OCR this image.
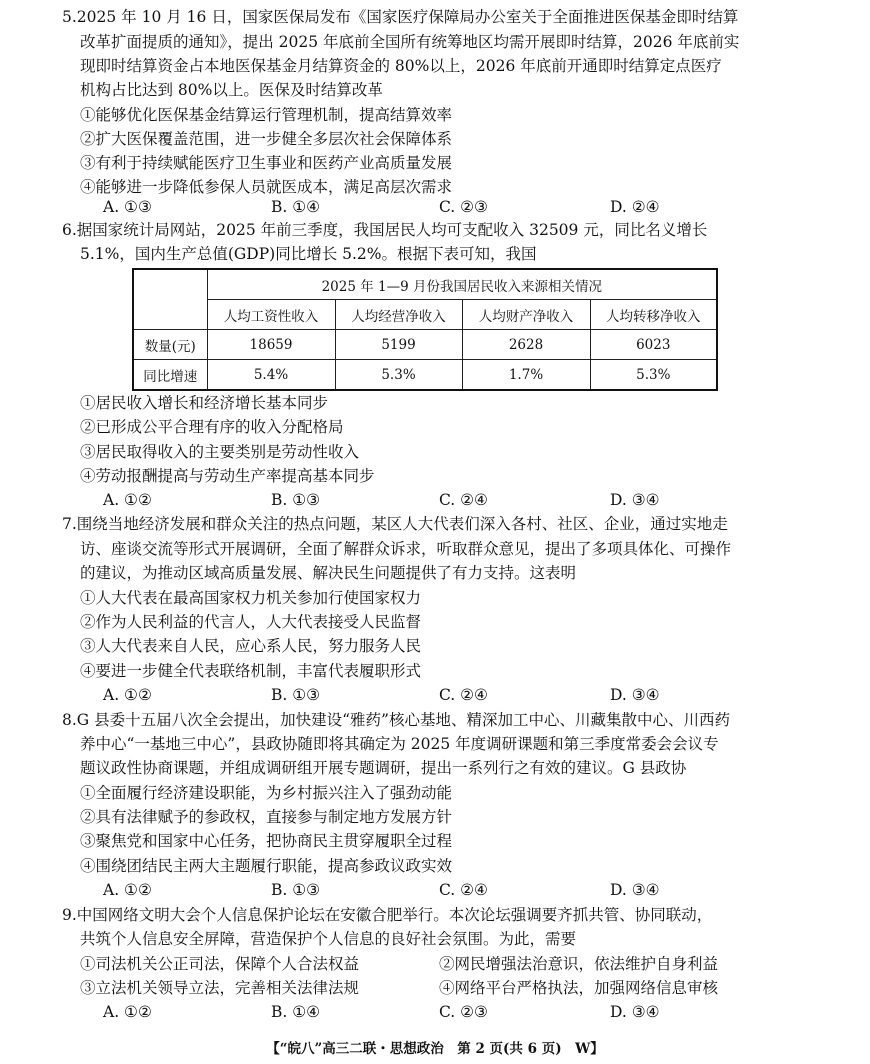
5.2025 年 10 月 16 日，国家医保局发布《国家医疗保障局办公室关于全面推进医保基金即时结算
改革扩面提质的通知》，提出 2025 年底前全国所有统筹地区均需开展即时结算，2026 年底前实
现即时结算资金占本地医保基金月结算资金的 80%以上，2026 年底前开通即时结算定点医疗
机构占比达到 80%以上。医保及时结算改革
①能够优化医保基金结算运行管理机制，提高结算效率
②扩大医保覆盖范围，进一步健全多层次社会保障体系
③有利于持续赋能医疗卫生事业和医药产业高质量发展
④能够进一步降低参保人员就医成本，满足高层次需求
A. ①③	B. ①④	C. ②③	D. ②④
6.据国家统计局网站，2025 年前三季度，我国居民人均可支配收入 32509 元，同比名义增长
5.1%，国内生产总值(GDP)同比增长 5.2%。根据下表可知，我国
	2025 年 1—9 月份我国居民收入来源相关情况			
	人均工资性收入	人均经营净收入	人均财产净收入	人均转移净收入
数量(元)	18659	5199	2628	6023
同比增速	5.4%	5.3%	1.7%	5.3%
①居民收入增长和经济增长基本同步
②已形成公平合理有序的收入分配格局
③居民取得收入的主要类别是劳动性收入
④劳动报酬提高与劳动生产率提高基本同步
A. ①②	B. ①③	C. ②④	D. ③④
7.围绕当地经济发展和群众关注的热点问题，某区人大代表们深入各村、社区、企业，通过实地走
访、座谈交流等形式开展调研，全面了解群众诉求，听取群众意见，提出了多项具体化、可操作
的建议，为推动区域高质量发展、解决民生问题提供了有力支持。这表明
①人大代表在最高国家权力机关参加行使国家权力
②作为人民利益的代言人，人大代表接受人民监督
③人大代表来自人民，应心系人民，努力服务人民
④要进一步健全代表联络机制，丰富代表履职形式
A. ①②	B. ①③	C. ②④	D. ③④
8.G 县委十五届八次全会提出，加快建设“雅药”核心基地、精深加工中心、川藏集散中心、川西药
养中心“一基地三中心”，县政协随即将其确定为 2025 年度调研课题和第三季度常委会会议专
题议政性协商课题，并组成调研组开展专题调研，提出一系列行之有效的建议。G 县政协
①全面履行经济建设职能，为乡村振兴注入了强劲动能
②具有法律赋予的参政权，直接参与制定地方发展方针
③聚焦党和国家中心任务，把协商民主贯穿履职全过程
④围绕团结民主两大主题履行职能，提高参政议政实效
A. ①②	B. ①③	C. ②④	D. ③④
9.中国网络文明大会个人信息保护论坛在安徽合肥举行。本次论坛强调要齐抓共管、协同联动，
共筑个人信息安全屏障，营造保护个人信息的良好社会氛围。为此，需要
①司法机关公正司法，保障个人合法权益	②网民增强法治意识，依法维护自身利益
③立法机关领导立法，完善相关法律法规	④网络平台严格执法，加强网络信息审核
A. ①②	B. ①④	C. ②③	D. ③④
【“皖八”高三二联・思想政治　第 2 页(共 6 页)　W】
